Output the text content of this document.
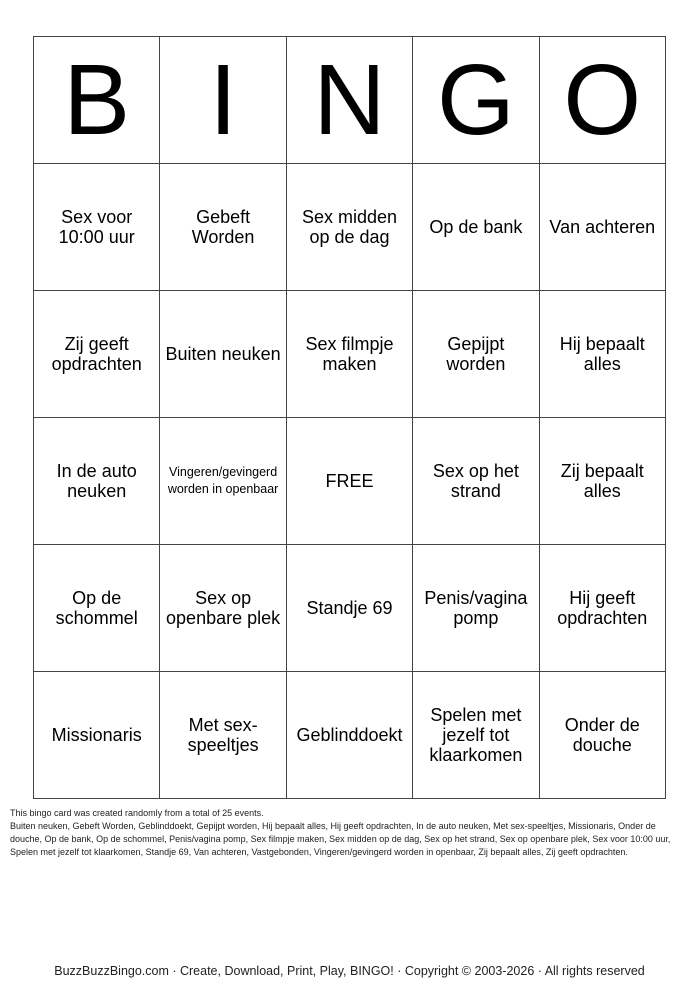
B	I	N	G	O
Sex voor 10:00 uur	Gebeft Worden	Sex midden op de dag	Op de bank	Van achteren
Zij geeft opdrachten	Buiten neuken	Sex filmpje maken	Gepijpt worden	Hij bepaalt alles
In de auto neuken	Vingeren/gevingerd worden in openbaar	FREE	Sex op het strand	Zij bepaalt alles
Op de schommel	Sex op openbare plek	Standje 69	Penis/vagina pomp	Hij geeft opdrachten
Missionaris	Met sex-speeltjes	Geblinddoekt	Spelen met jezelf tot klaarkomen	Onder de douche
This bingo card was created randomly from a total of 25 events.
Buiten neuken, Gebeft Worden, Geblinddoekt, Gepijpt worden, Hij bepaalt alles, Hij geeft opdrachten, In de auto neuken, Met sex-speeltjes, Missionaris, Onder de douche, Op de bank, Op de schommel, Penis/vagina pomp, Sex filmpje maken, Sex midden op de dag, Sex op het strand, Sex op openbare plek, Sex voor 10:00 uur, Spelen met jezelf tot klaarkomen, Standje 69, Van achteren, Vastgebonden, Vingeren/gevingerd worden in openbaar, Zij bepaalt alles, Zij geeft opdrachten.
BuzzBuzzBingo.com · Create, Download, Print, Play, BINGO! · Copyright © 2003-2026 · All rights reserved
